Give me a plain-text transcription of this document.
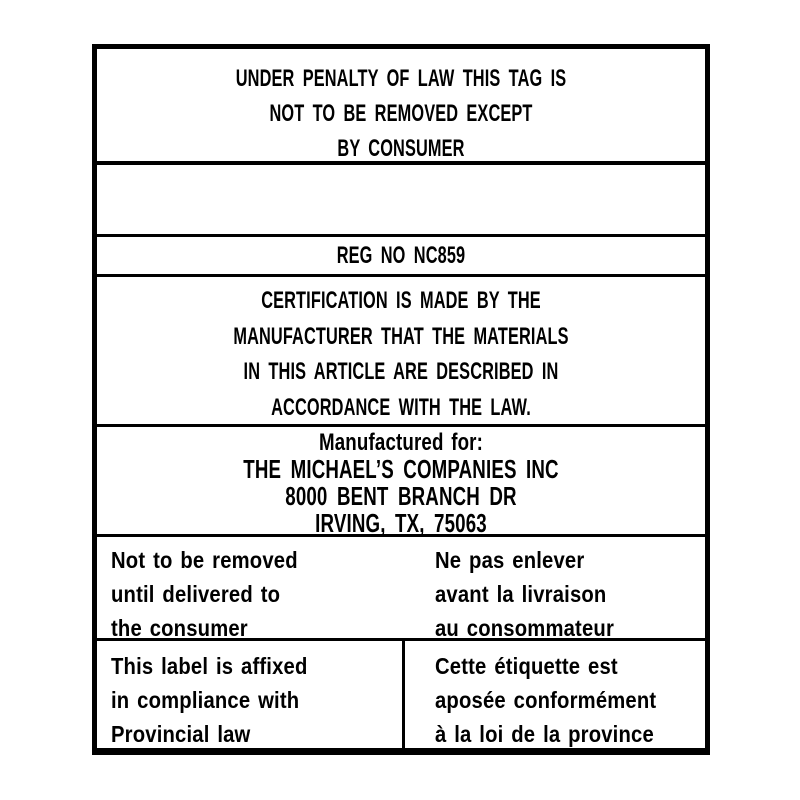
UNDER PENALTY OF LAW THIS TAG IS
NOT TO BE REMOVED EXCEPT
BY CONSUMER
REG NO NC859
CERTIFICATION IS MADE BY THE
MANUFACTURER THAT THE MATERIALS
IN THIS ARTICLE ARE DESCRIBED IN
ACCORDANCE WITH THE LAW.
Manufactured for:
THE MICHAEL’S COMPANIES INC
8000 BENT BRANCH DR
IRVING, TX, 75063
Not to be removed
until delivered to
the consumer
Ne pas enlever
avant la livraison
au consommateur
This label is affixed
in compliance with
Provincial law
Cette étiquette est
aposée conformément
à la loi de la province
